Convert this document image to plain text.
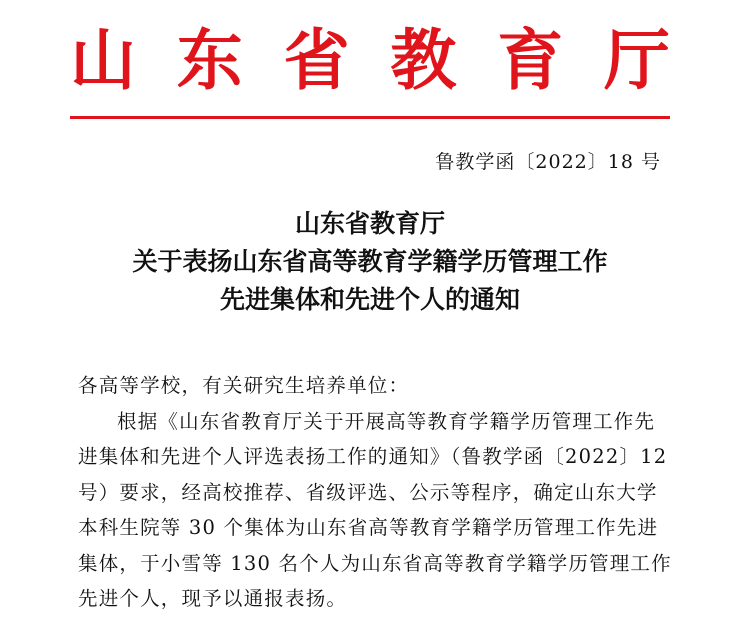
山 东 省 教 育 厅
鲁教学函〔2022〕18 号
山东省教育厅
关于表扬山东省高等教育学籍学历管理工作
先进集体和先进个人的通知
各高等学校，有关研究生培养单位：
根据《山东省教育厅关于开展高等教育学籍学历管理工作先
进集体和先进个人评选表扬工作的通知》（鲁教学函〔2022〕12
号）要求，经高校推荐、省级评选、公示等程序，确定山东大学
本科生院等 30 个集体为山东省高等教育学籍学历管理工作先进
集体，于小雪等 130 名个人为山东省高等教育学籍学历管理工作
先进个人，现予以通报表扬。
